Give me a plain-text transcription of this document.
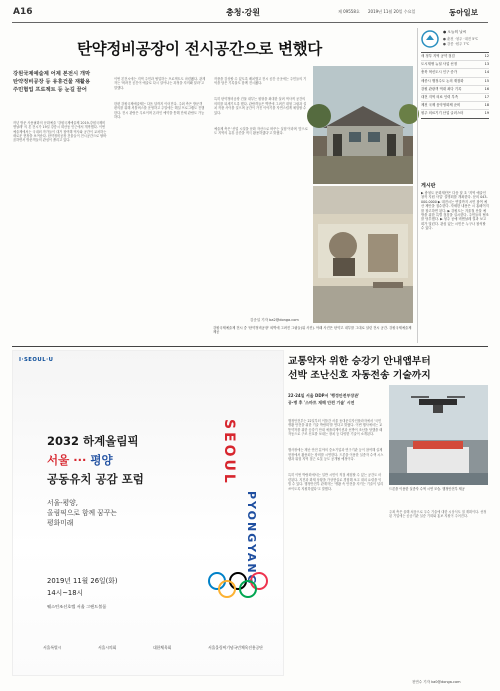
A16	충청·강원	제 09558호 2019년 11월 20일 수요일	동아일보
탄약정비공장이 전시공간으로 변했다
강원국제예술제 어제 본전시 개막
탄약정비공장 등 유휴건물 재활용
주민협업 프로젝트 등 눈길 끌어

작년 방문 사용필화의 문화예술 '강원국제예술제 2019-강원국제비엔날레' 의 본 전시가 19일 강릉시 회산동 인근에서 개막했다. 이번 예술제에서는 국내외 작가들이 대거 참여해 역사와 공간이 교차하는 새로운 현장을 보여준다. 탄약정비공장 건물들이 전시공간으로 탈바꿈하면서 방문객들의 관심이 쏠리고 있다.

이번 본전시에는 지역 주민과 협업하는 프로젝트도 마련됐다. 관계자는 '버려진 공간이 예술로 다시 살아나는 과정을 지켜봐 달라'고 말했다.

한편 강원국제예술제는 다음 달까지 이어진다. 주최 측은 방문객 편의를 위해 셔틀버스를 운영하고 주말에는 해설 프로그램도 진행한다. 전시 관람은 무료이며 온라인 예약을 통해 단체 관람도 가능하다.

작품을 감상할 수 있도록 배치했고 전시 공간 곳곳에는 주민들의 기억을 담은 기록물도 함께 전시됐다.

특히 탄약정비공장 건물 내부는 원형을 최대한 살려 역사적 공간의 의미를 되새기도록 했다. 관람객들은 벽면에 그려진 대형 그림과 설치 작품 사이를 걸으며 공간이 가진 이야기를 자연스럽게 체험할 수 있다.

예술제 측은 '산업 시설을 문화 자산으로 바꾸는 실험'이라며 '앞으로도 지역의 유휴 공간을 적극 활용하겠다'고 밝혔다.

김준일 기자 ba2@donga.com
강원국제예술제 전시 중 '탄약정비공장' 외벽에 그려진 그림들(위 사진). 아래 사진은 탄약고 내부를 그대로 살린 전시 공간. 강원국제예술제 제공
● 오늘의 날씨
● 춘천 ·청주 ·대전 5℃
● 강릉 ·원주 7℃
새 정부 지역 공약 점검	12
도시재생 뉴딜 사업 선정	13
충북 혁신도시 인구 증가	14
세종시 행정수도 논의 재점화	15
강원 관광객 역대 최다 기록	16
대전 지역 의료 인력 부족	17
제천 국제 음악영화제 준비	18
원주 의료기기 산업 클러스터	19
게시판
▶ 충청도 문화재단은 다음 달 초 '지역 예술인 창작 지원 사업' 설명회를 개최한다. 문의 043-000-0000 ▶ 대전시는 연말까지 시민 참여 예산 제안을 접수한다. 자세한 내용은 시 홈페이지를 참고하면 된다. ▶ 강원도는 겨울철 산불 예방을 위한 특별 점검을 실시한다. 주민들의 협조를 당부했다. ▶ 청주 공예 비엔날레 결과 보고회가 열린다. 관심 있는 시민은 누구나 참석할 수 있다.
I·SEOUL·U
2032 하계올림픽
서울 ··· 평양
공동유치 공감 포럼
서울-평양,
올림픽으로 함께 꿈꾸는
평화미래
2019년 11월 26일(화)
14시~18시
웨스틴조선호텔 서울 그랜드볼룸
SEOUL
PYONGYANG
서울특별시	서울시의회	대한체육회	서울올림픽기념국민체육진흥공단
교통약자 위한 승강기 안내앱부터
선박 조난신호 자동전송 기술까지
22·24일 서울 DDP서 '행정안전부장관'
공·병 후 '스마트 재해 안전 기술' 시연

행정안전부는 22일부터 이틀간 서울 동대문디자인플라자에서 '국민 생활 안전을 위한 기술 박람회'를 연다고 밝혔다. 이번 행사에서는 교통약자를 위한 승강기 안내 애플리케이션과 선박이 조난을 당했을 때 자동으로 구조 신호를 보내는 장치 등 다양한 기술이 소개된다.

행사장에는 재난 안전 분야의 중소기업과 연구기관 등이 참여해 실제 현장에서 활용되는 장비를 시연한다. 드론을 이용한 실종자 수색 시스템과 위험 지역 접근 로봇 등도 공개될 예정이다.

특히 이번 박람회에서는 일반 시민이 직접 체험할 수 있는 공간도 마련된다. 지진과 화재 상황을 가상현실로 경험해 보고 대피 요령을 익힐 수 있다. 행정안전부 관계자는 '생활 속 안전을 지키는 기술이 널리 쓰이도록 지원하겠다'고 말했다.	드론을 이용한 실종자 수색 시연 모습. 행정안전부 제공
주최 측은 올해 처음으로 우수 기술에 대한 시상식도 열 계획이다. 선정된 기업에는 공공기관 실증 기회와 홍보 지원이 주어진다.
천연수 기자 ka0@donga.com
